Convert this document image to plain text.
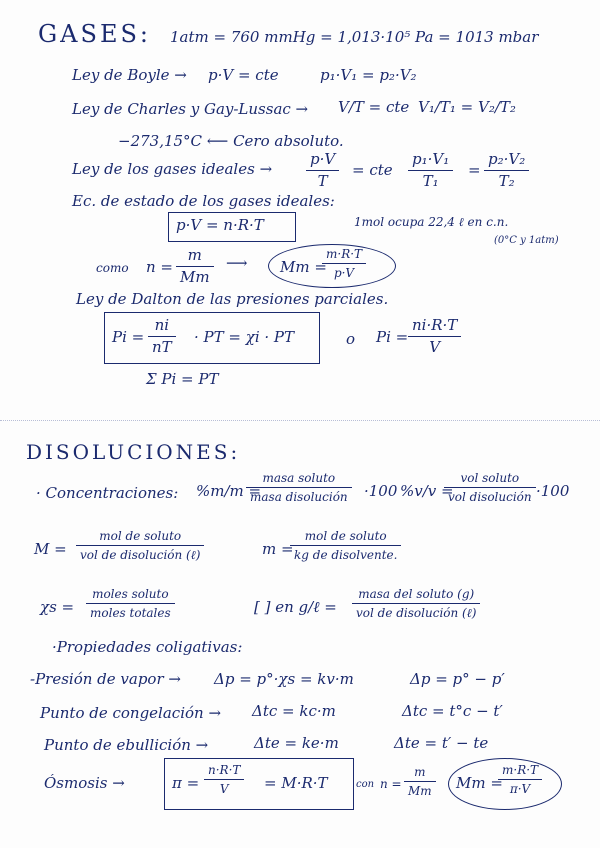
GASES: 1atm = 760 mmHg = 1,013·10⁵ Pa = 1013 mbar
Ley de Boyle → p·V = cte	p₁·V₁ = p₂·V₂
Ley de Charles y Gay-Lussac → V/T = cte V₁/T₁ = V₂/T₂
−273,15°C ⟵ Cero absoluto.
Ley de los gases ideales →
p·V
T
= cte
p₁·V₁
T₁
=
p₂·V₂
T₂
Ec. de estado de los gases ideales:
p·V = n·R·T	1mol ocupa 22,4 ℓ en c.n.
(0°C y 1atm)
como n =
m
Mm
⟶ Mm =
m·R·T
p·V
Ley de Dalton de las presiones parciales.
Pi =
ni
nT
· PT = χi · PT	o Pi =
ni·R·T
V
Σ Pi = PT
DISOLUCIONES:
· Concentraciones: %m/m =
masa soluto
masa disolución ·100 %v/v =
vol soluto
vol disolución ·100
M =
mol de soluto
vol de disolución (ℓ)	m =
mol de soluto
kg de disolvente.
χs =
moles soluto
moles totales	[ ] en g/ℓ =
masa del soluto (g)
vol de disolución (ℓ)
·Propiedades coligativas:
-Presión de vapor → Δp = p°·χs = kv·m	Δp = p° − p′
Punto de congelación → Δtc = kc·m	Δtc = t°c − t′
Punto de ebullición →	Δte = ke·m	Δte = t′ − te
Ósmosis →	π =
n·R·T
V = M·R·T	con n =
m
Mm Mm =
m·R·T
π·V
